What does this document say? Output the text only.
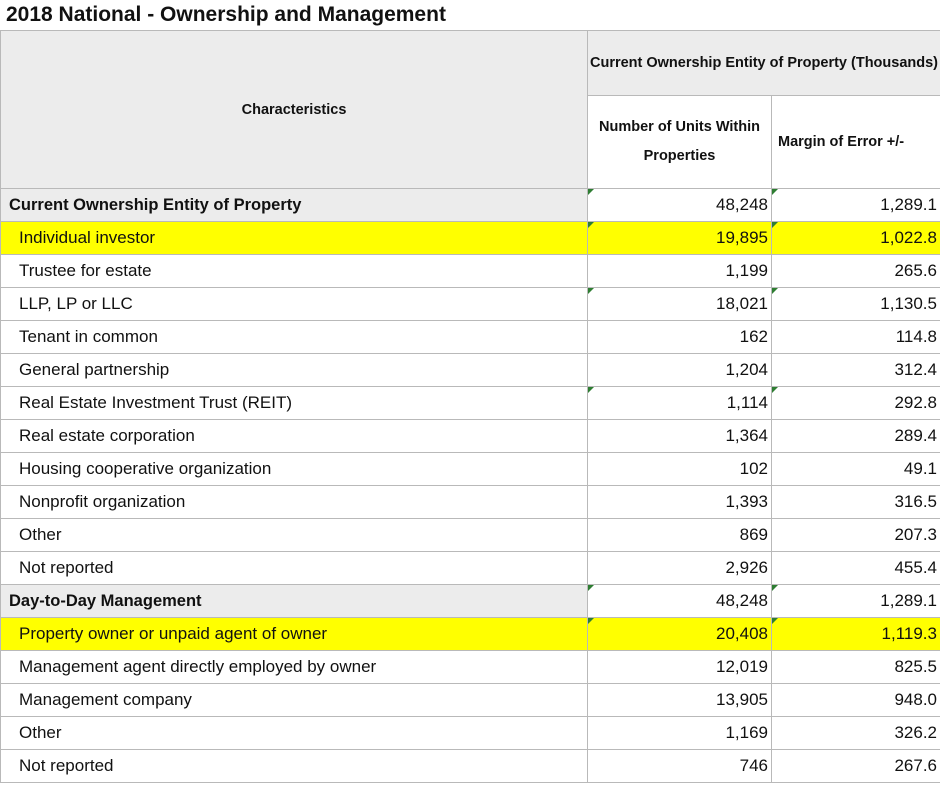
2018 National - Ownership and Management
Characteristics	Current Ownership Entity of Property (Thousands)	
	Number of Units Within Properties	Margin of Error +/-
Current Ownership Entity of Property	48,248	1,289.1

Individual investor	19,895	1,022.8

Trustee for estate	1,199	265.6
LLP, LP or LLC	18,021	1,130.5

Tenant in common	162	114.8
General partnership	1,204	312.4
Real Estate Investment Trust (REIT)	1,114	292.8

Real estate corporation	1,364	289.4
Housing cooperative organization	102	49.1
Nonprofit organization	1,393	316.5
Other	869	207.3
Not reported	2,926	455.4
Day-to-Day Management	48,248	1,289.1

Property owner or unpaid agent of owner	20,408	1,119.3

Management agent directly employed by owner	12,019	825.5
Management company	13,905	948.0
Other	1,169	326.2
Not reported	746	267.6
